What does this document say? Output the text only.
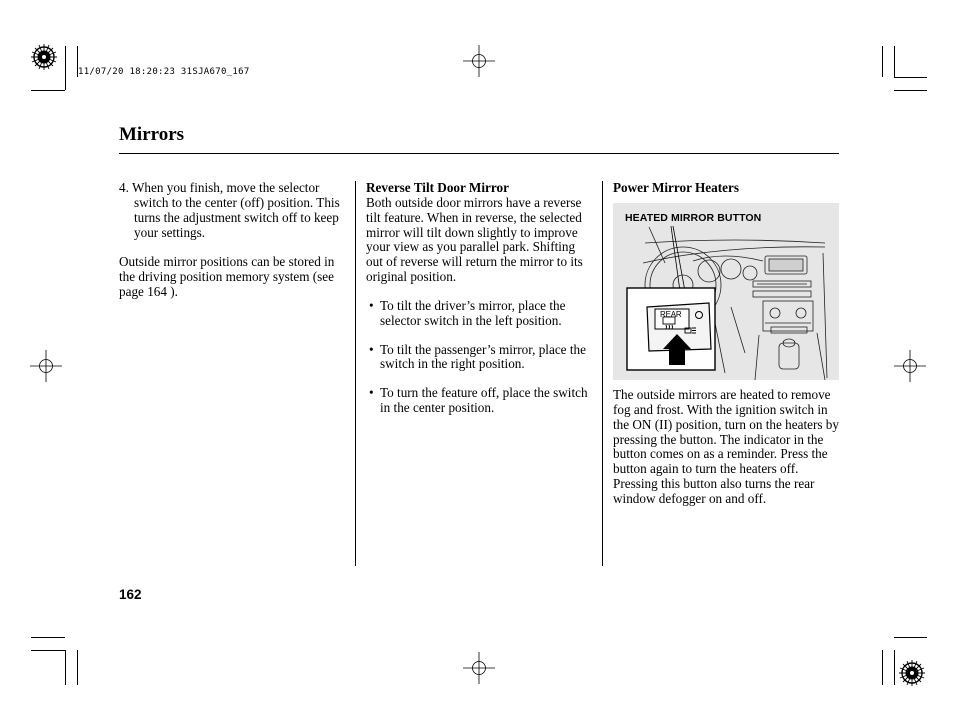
11/07/20 18:20:23 31SJA670_167
Mirrors

4. When you finish, move the selector switch to the center (off) position. This turns the adjustment switch off to keep your settings.

Outside mirror positions can be stored in the driving position memory system (see page 164 ).

Reverse Tilt Door Mirror

Both outside door mirrors have a reverse tilt feature. When in reverse, the selected mirror will tilt down slightly to improve your view as you parallel park. Shifting out of reverse will return the mirror to its original position.

• To tilt the driver’s mirror, place the selector switch in the left position.
• To tilt the passenger’s mirror, place the switch in the right position.
• To turn the feature off, place the switch in the center position.
Power Mirror Heaters
HEATED MIRROR BUTTON
REAR
The outside mirrors are heated to remove fog and frost. With the ignition switch in the ON (II) position, turn on the heaters by pressing the button. The indicator in the button comes on as a reminder. Press the button again to turn the heaters off. Pressing this button also turns the rear window defogger on and off.
162
